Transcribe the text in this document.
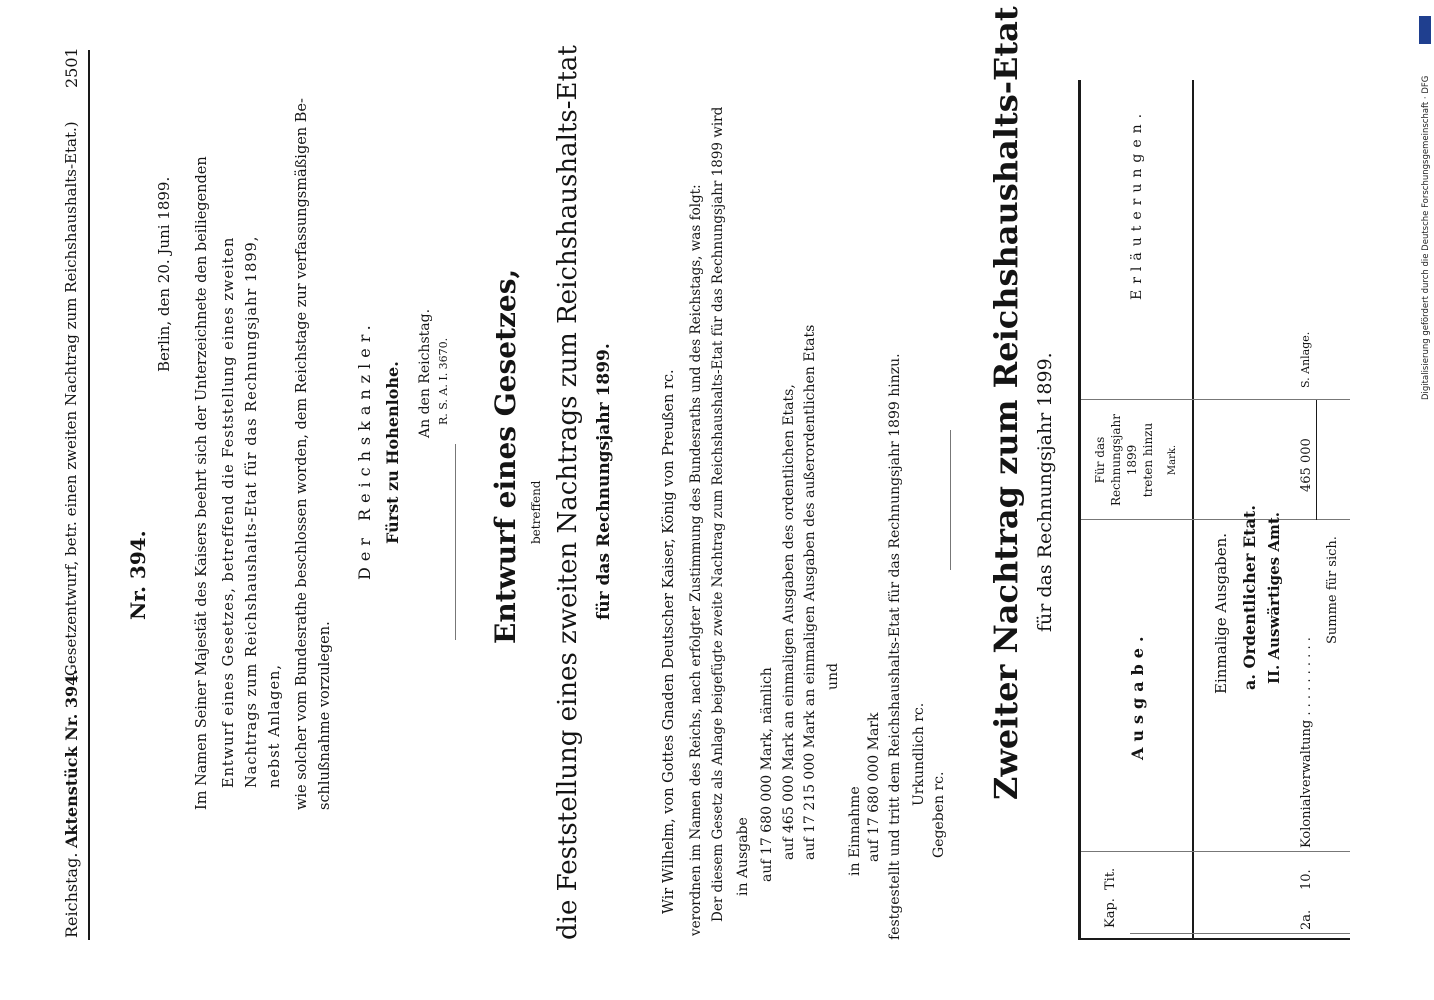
Reichstag.
Aktenstück Nr. 394.
(Gesetzentwurf, betr. einen zweiten Nachtrag zum Reichshaushalts-Etat.)
2501
Nr. 394.
Berlin, den 20. Juni 1899. Im Namen Seiner Majestät des Kaisers beehrt sich der Unterzeichnete den beiliegenden Entwurf eines Gesetzes, betreffend die Feststellung eines zweiten Nachtrags zum Reichshaushalts-Etat für das Rechnungsjahr 1899, nebst Anlagen, wie solcher vom Bundesrathe beschlossen worden, dem Reichstage zur verfassungsmäßigen Be- schlußnahme vorzulegen.
Der Reichskanzler. Fürst zu Hohenlohe. An den Reichstag. R. S. A. I. 3670. Entwurf eines Gesetzes, betreffend die Feststellung eines zweiten Nachtrags zum Reichshaushalts-Etat für das Rechnungsjahr 1899.	Wir Wilhelm, von Gottes Gnaden Deutscher Kaiser, König von Preußen rc. verordnen im Namen des Reichs, nach erfolgter Zustimmung des Bundesraths und des Reichstags, was folgt: Der diesem Gesetz als Anlage beigefügte zweite Nachtrag zum Reichshaushalts-Etat für das Rechnungsjahr 1899 wird in Ausgabe auf 17 680 000 Mark, nämlich auf 465 000 Mark an einmaligen Ausgaben des ordentlichen Etats, auf 17 215 000 Mark an einmaligen Ausgaben des außerordentlichen Etats und
in Einnahme auf 17 680 000 Mark festgestellt und tritt dem Reichshaushalts-Etat für das Rechnungsjahr 1899 hinzu. Urkundlich rc.
Gegeben rc.
Zweiter Nachtrag zum Reichshaushalts-Etat für das Rechnungsjahr 1899.
Kap.
Tit.
Ausgabe.
Für das Rechnungsjahr 1899 treten hinzu Mark.
Erläuterungen.
Einmalige Ausgaben. a. Ordentlicher Etat. II. Auswärtiges Amt.
2a.
10.
Kolonialverwaltung . . . . . . . . . .
465 000
S. Anlage.
Summe für sich.
Digitalisierung gefördert durch die Deutsche Forschungsgemeinschaft · DFG
